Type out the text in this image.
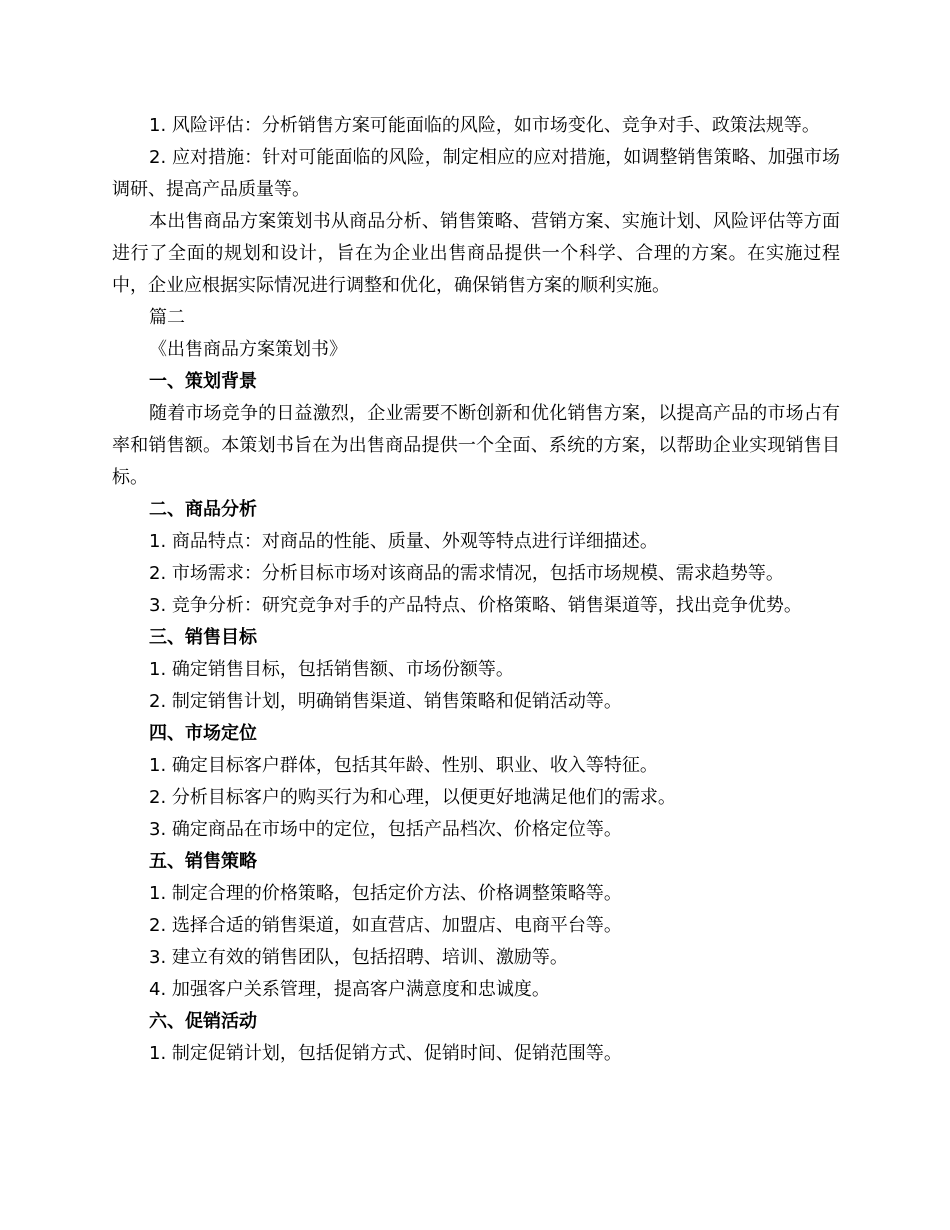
1. 风险评估：分析销售方案可能面临的风险，如市场变化、竞争对手、政策法规等。

2. 应对措施：针对可能面临的风险，制定相应的应对措施，如调整销售策略、加强市场调研、提高产品质量等。

本出售商品方案策划书从商品分析、销售策略、营销方案、实施计划、风险评估等方面进行了全面的规划和设计，旨在为企业出售商品提供一个科学、合理的方案。在实施过程中，企业应根据实际情况进行调整和优化，确保销售方案的顺利实施。

篇二

《出售商品方案策划书》

一、策划背景

随着市场竞争的日益激烈，企业需要不断创新和优化销售方案，以提高产品的市场占有率和销售额。本策划书旨在为出售商品提供一个全面、系统的方案，以帮助企业实现销售目标。

二、商品分析

1. 商品特点：对商品的性能、质量、外观等特点进行详细描述。

2. 市场需求：分析目标市场对该商品的需求情况，包括市场规模、需求趋势等。

3. 竞争分析：研究竞争对手的产品特点、价格策略、销售渠道等，找出竞争优势。

三、销售目标

1. 确定销售目标，包括销售额、市场份额等。

2. 制定销售计划，明确销售渠道、销售策略和促销活动等。

四、市场定位

1. 确定目标客户群体，包括其年龄、性别、职业、收入等特征。

2. 分析目标客户的购买行为和心理，以便更好地满足他们的需求。

3. 确定商品在市场中的定位，包括产品档次、价格定位等。

五、销售策略

1. 制定合理的价格策略，包括定价方法、价格调整策略等。

2. 选择合适的销售渠道，如直营店、加盟店、电商平台等。

3. 建立有效的销售团队，包括招聘、培训、激励等。

4. 加强客户关系管理，提高客户满意度和忠诚度。

六、促销活动

1. 制定促销计划，包括促销方式、促销时间、促销范围等。
